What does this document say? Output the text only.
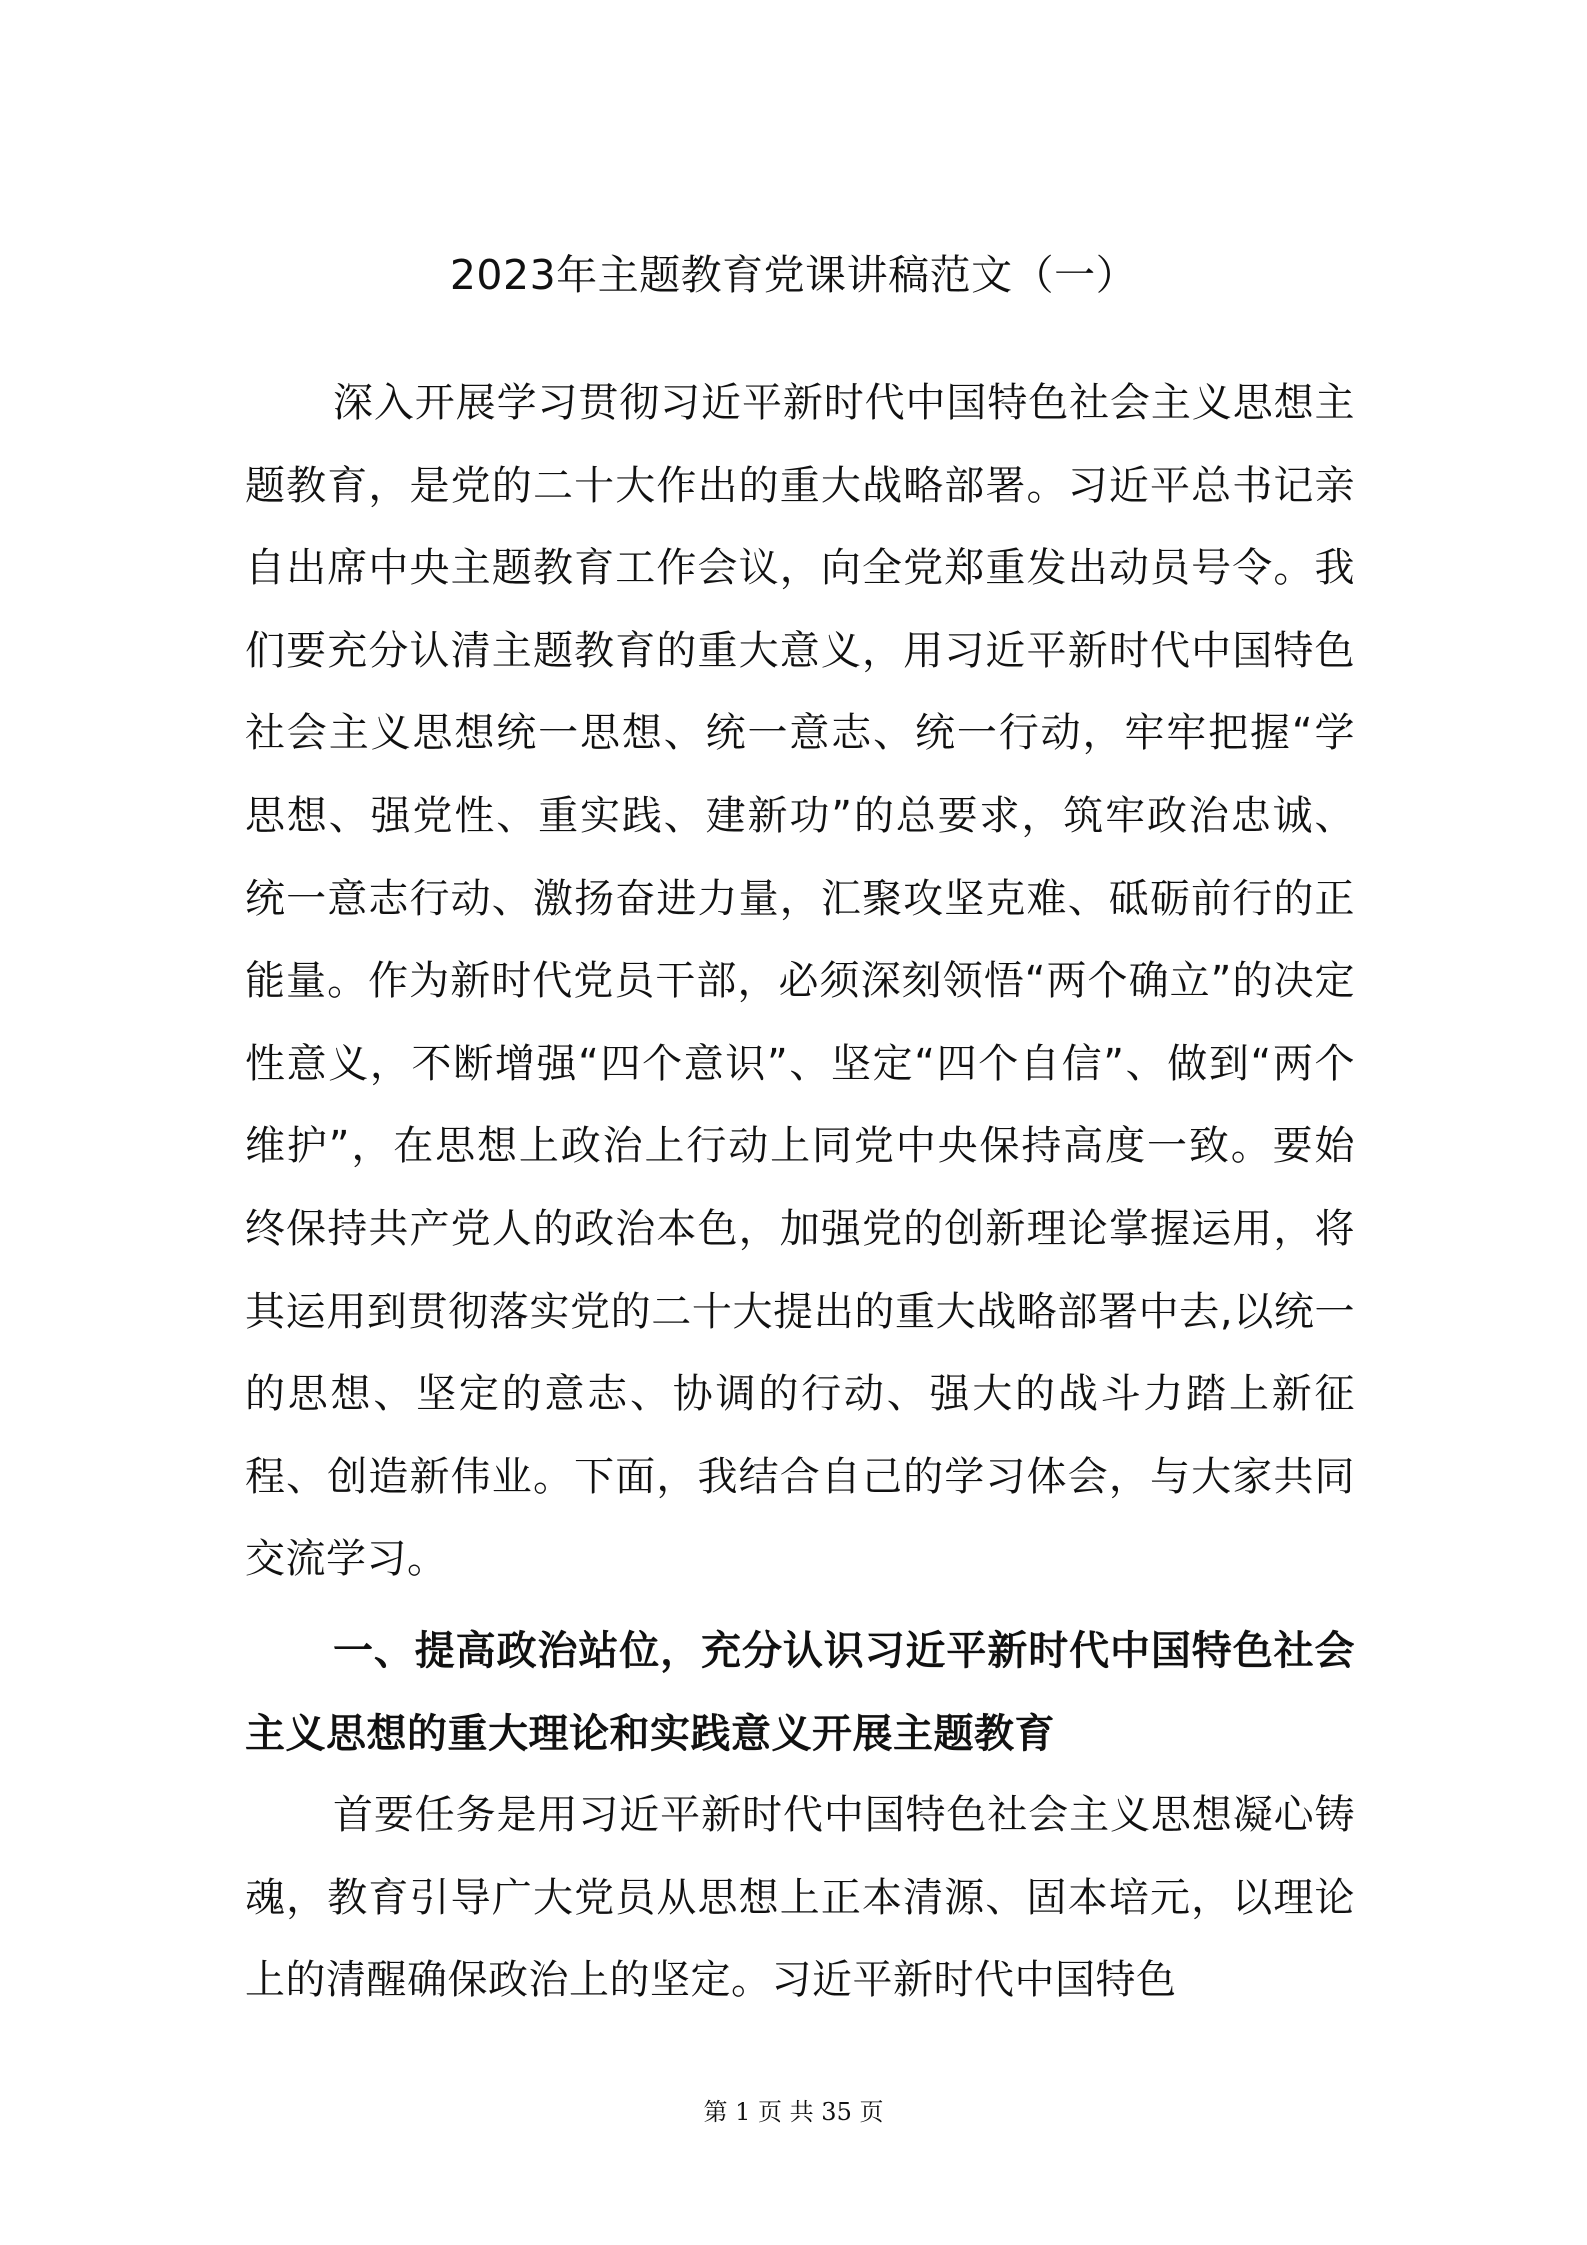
2023年主题教育党课讲稿范文（一）

深入开展学习贯彻习近平新时代中国特色社会主义思想主题教育，是党的二十大作出的重大战略部署。习近平总书记亲自出席中央主题教育工作会议，向全党郑重发出动员号令。我们要充分认清主题教育的重大意义，用习近平新时代中国特色社会主义思想统一思想、统一意志、统一行动，牢牢把握“学思想、强党性、重实践、建新功”的总要求，筑牢政治忠诚、统一意志行动、激扬奋进力量，汇聚攻坚克难、砥砺前行的正能量。作为新时代党员干部，必须深刻领悟“两个确立”的决定性意义，不断增强“四个意识”、坚定“四个自信”、做到“两个维护”，在思想上政治上行动上同党中央保持高度一致。要始终保持共产党人的政治本色，加强党的创新理论掌握运用，将其运用到贯彻落实党的二十大提出的重大战略部署中去,以统一的思想、坚定的意志、协调的行动、强大的战斗力踏上新征程、创造新伟业。下面，我结合自己的学习体会，与大家共同交流学习。

一、提高政治站位，充分认识习近平新时代中国特色社会主义思想的重大理论和实践意义开展主题教育

首要任务是用习近平新时代中国特色社会主义思想凝心铸魂，教育引导广大党员从思想上正本清源、固本培元，以理论上的清醒确保政治上的坚定。习近平新时代中国特色

第 1 页 共 35 页
